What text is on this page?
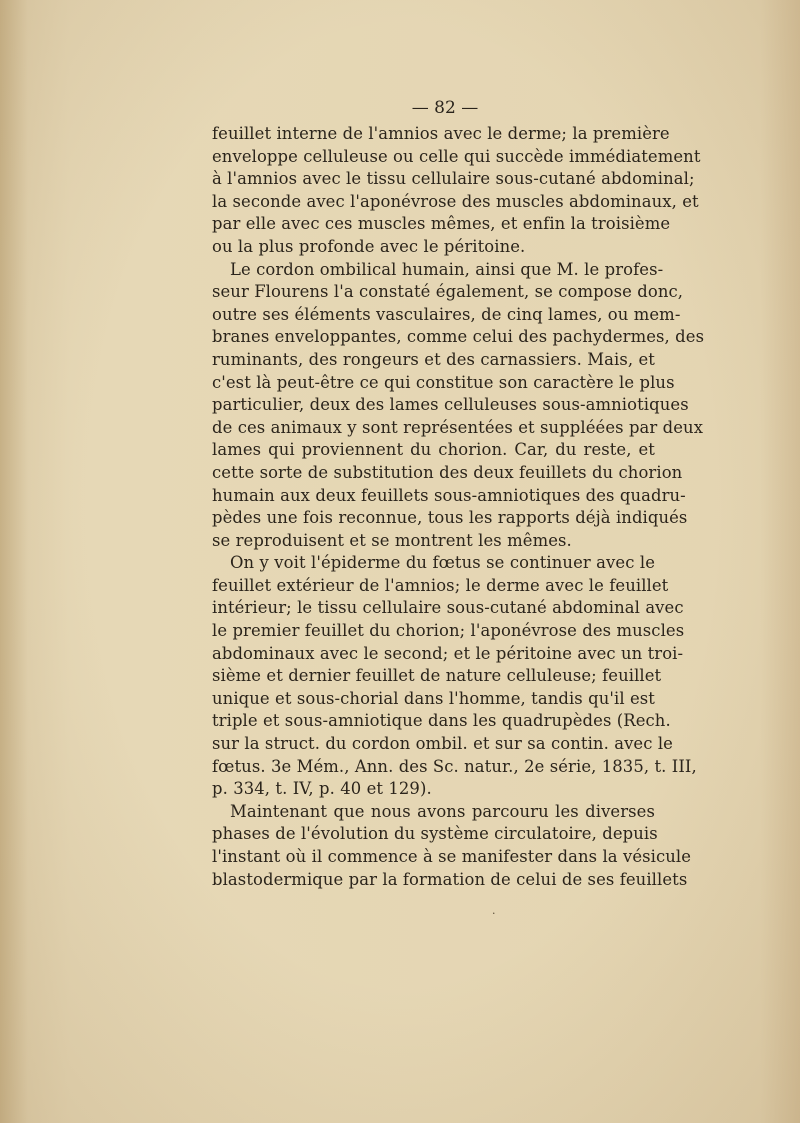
— 82 —
feuillet interne de l'amnios avec le derme; la première
enveloppe celluleuse ou celle qui succède immédiatement
à l'amnios avec le tissu cellulaire sous-cutané abdominal;
la seconde avec l'aponévrose des muscles abdominaux, et
par elle avec ces muscles mêmes, et enfin la troisième
ou la plus profonde avec le péritoine.
Le cordon ombilical humain, ainsi que M. le profes-
seur Flourens l'a constaté également, se compose donc,
outre ses éléments vasculaires, de cinq lames, ou mem-
branes enveloppantes, comme celui des pachydermes, des
ruminants, des rongeurs et des carnassiers. Mais, et
c'est là peut-être ce qui constitue son caractère le plus
particulier, deux des lames celluleuses sous-amniotiques
de ces animaux y sont représentées et suppléées par deux
lames qui proviennent du chorion. Car, du reste, et
cette sorte de substitution des deux feuillets du chorion
humain aux deux feuillets sous-amniotiques des quadru-
pèdes une fois reconnue, tous les rapports déjà indiqués
se reproduisent et se montrent les mêmes.
On y voit l'épiderme du fœtus se continuer avec le
feuillet extérieur de l'amnios; le derme avec le feuillet
intérieur; le tissu cellulaire sous-cutané abdominal avec
le premier feuillet du chorion; l'aponévrose des muscles
abdominaux avec le second; et le péritoine avec un troi-
sième et dernier feuillet de nature celluleuse; feuillet
unique et sous-chorial dans l'homme, tandis qu'il est
triple et sous-amniotique dans les quadrupèdes (Rech.
sur la struct. du cordon ombil. et sur sa contin. avec le
fœtus. 3e Mém., Ann. des Sc. natur., 2e série, 1835, t. III,
p. 334, t. IV, p. 40 et 129).
Maintenant que nous avons parcouru les diverses
phases de l'évolution du système circulatoire, depuis
l'instant où il commence à se manifester dans la vésicule
blastodermique par la formation de celui de ses feuillets
·
